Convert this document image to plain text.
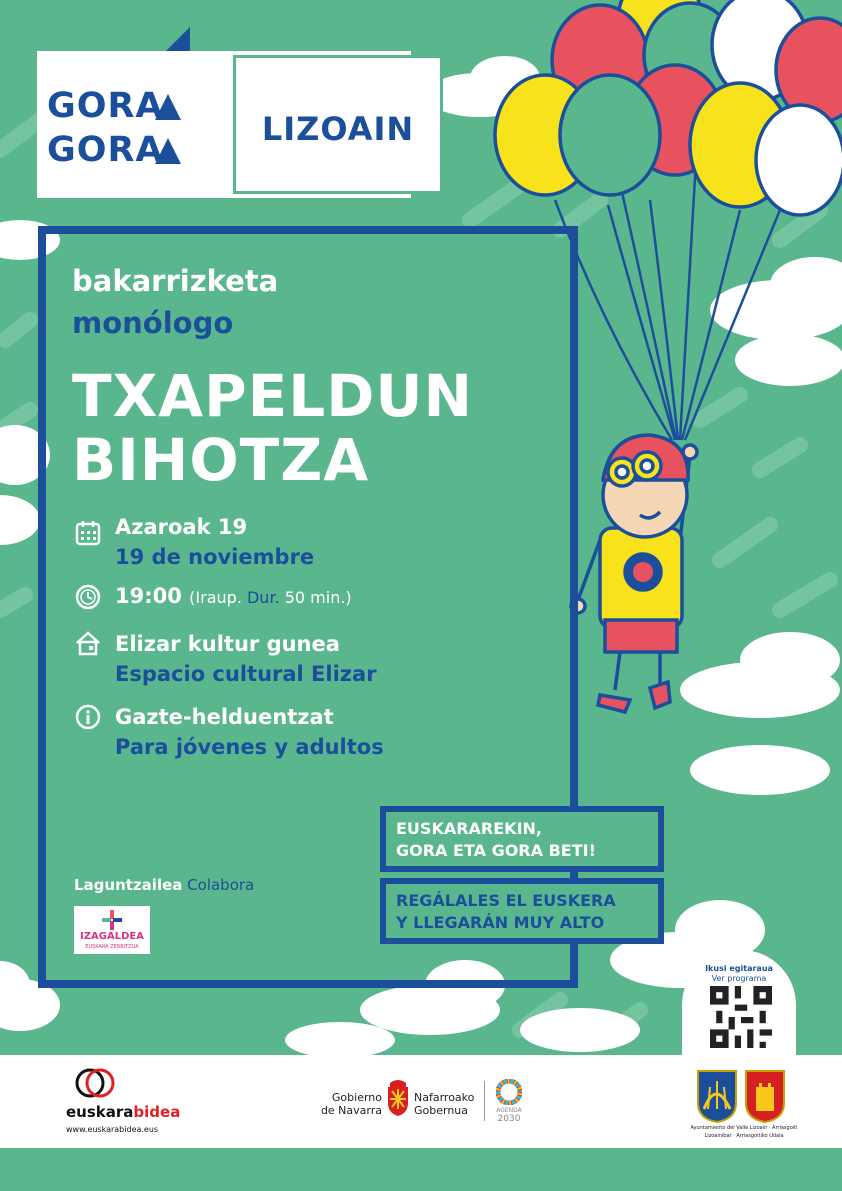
GORA
GORA
LIZOAIN
bakarrizketa
monólogo
TXAPELDUN
BIHOTZA
Azaroak 19
19 de noviembre
19:00 (Iraup. Dur. 50 min.)
Elizar kultur gunea
Espacio cultural Elizar
Gazte-helduentzat
Para jóvenes y adultos
EUSKARAREKIN,
GORA ETA GORA BETI!
REGÁLALES EL EUSKERA
Y LLEGARÁN MUY ALTO
Laguntzailea Colabora
IZAGALDEA
EUSKARA ZERBITZUA
Ikusi egitaraua
Ver programa
euskarabidea
www.euskarabidea.eus
Gobierno
de Navarra
Nafarroako
Gobernua	AGENDA
2030
Ayuntamiento del Valle Lizoain · Arriasgoiti
Lizoainibar · Arriasgoitiko Udala
